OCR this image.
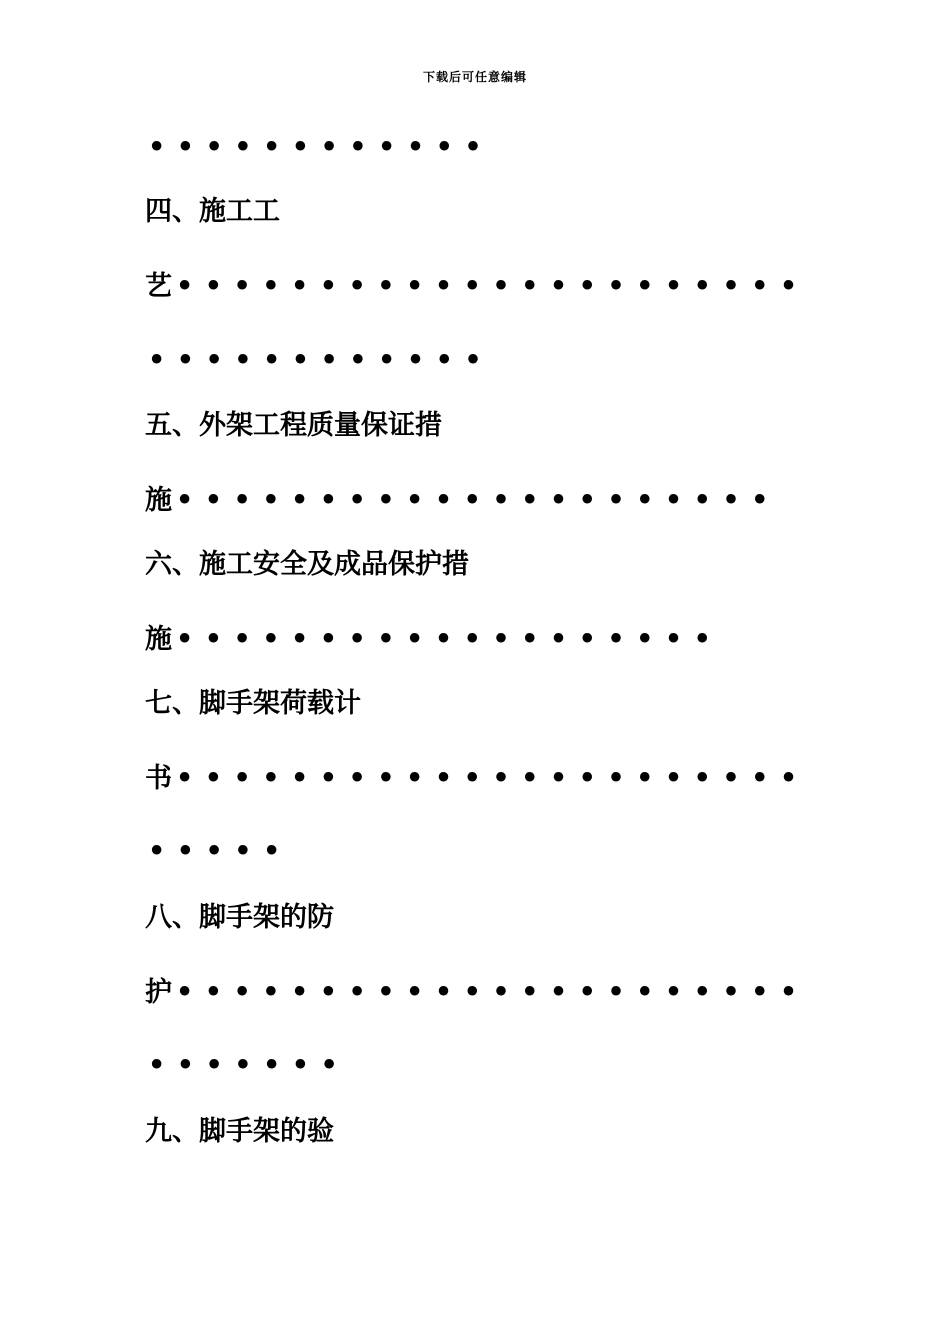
下载后可任意编辑
••••••••••••
四、施工工
艺 ••••••••••••••••••••••
••••••••••••
五、外架工程质量保证措
施 •••••••••••••••••••••
六、施工安全及成品保护措
施 •••••••••••••••••••
七、脚手架荷载计
书 ••••••••••••••••••••••
•••••
八、脚手架的防
护 ••••••••••••••••••••••
•••••••
九、脚手架的验
